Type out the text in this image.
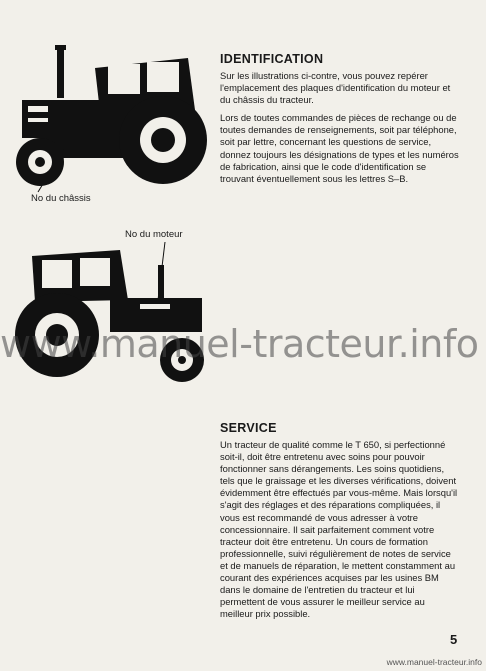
No du châssis
No du moteur
IDENTIFICATION

Sur les illustrations ci-contre, vous pouvez repérer l'emplacement des plaques d'identification du moteur et du châssis du tracteur.

Lors de toutes commandes de pièces de rechange ou de toutes demandes de renseignements, soit par téléphone, soit par lettre, concernant les questions de service, donnez toujours les désignations de types et les numéros de fabrication, ainsi que le code d'identification se trouvant éventuellement sous les lettres S–B.

www.manuel-tracteur.info
SERVICE

Un tracteur de qualité comme le T 650, si perfectionné soit-il, doit être entretenu avec soins pour pouvoir fonctionner sans dérangements. Les soins quotidiens, tels que le graissage et les diverses vérifications, doivent évidemment être effectués par vous-même. Mais lorsqu'il s'agit des réglages et des réparations compliquées, il vous est recommandé de vous adresser à votre concessionnaire. Il sait parfaitement comment votre tracteur doit être entretenu. Un cours de formation professionnelle, suivi régulièrement de notes de service et de manuels de réparation, le mettent constamment au courant des expériences acquises par les usines BM dans le domaine de l'entretien du tracteur et lui permettent de vous assurer le meilleur service au meilleur prix possible.

5
www.manuel-tracteur.info
